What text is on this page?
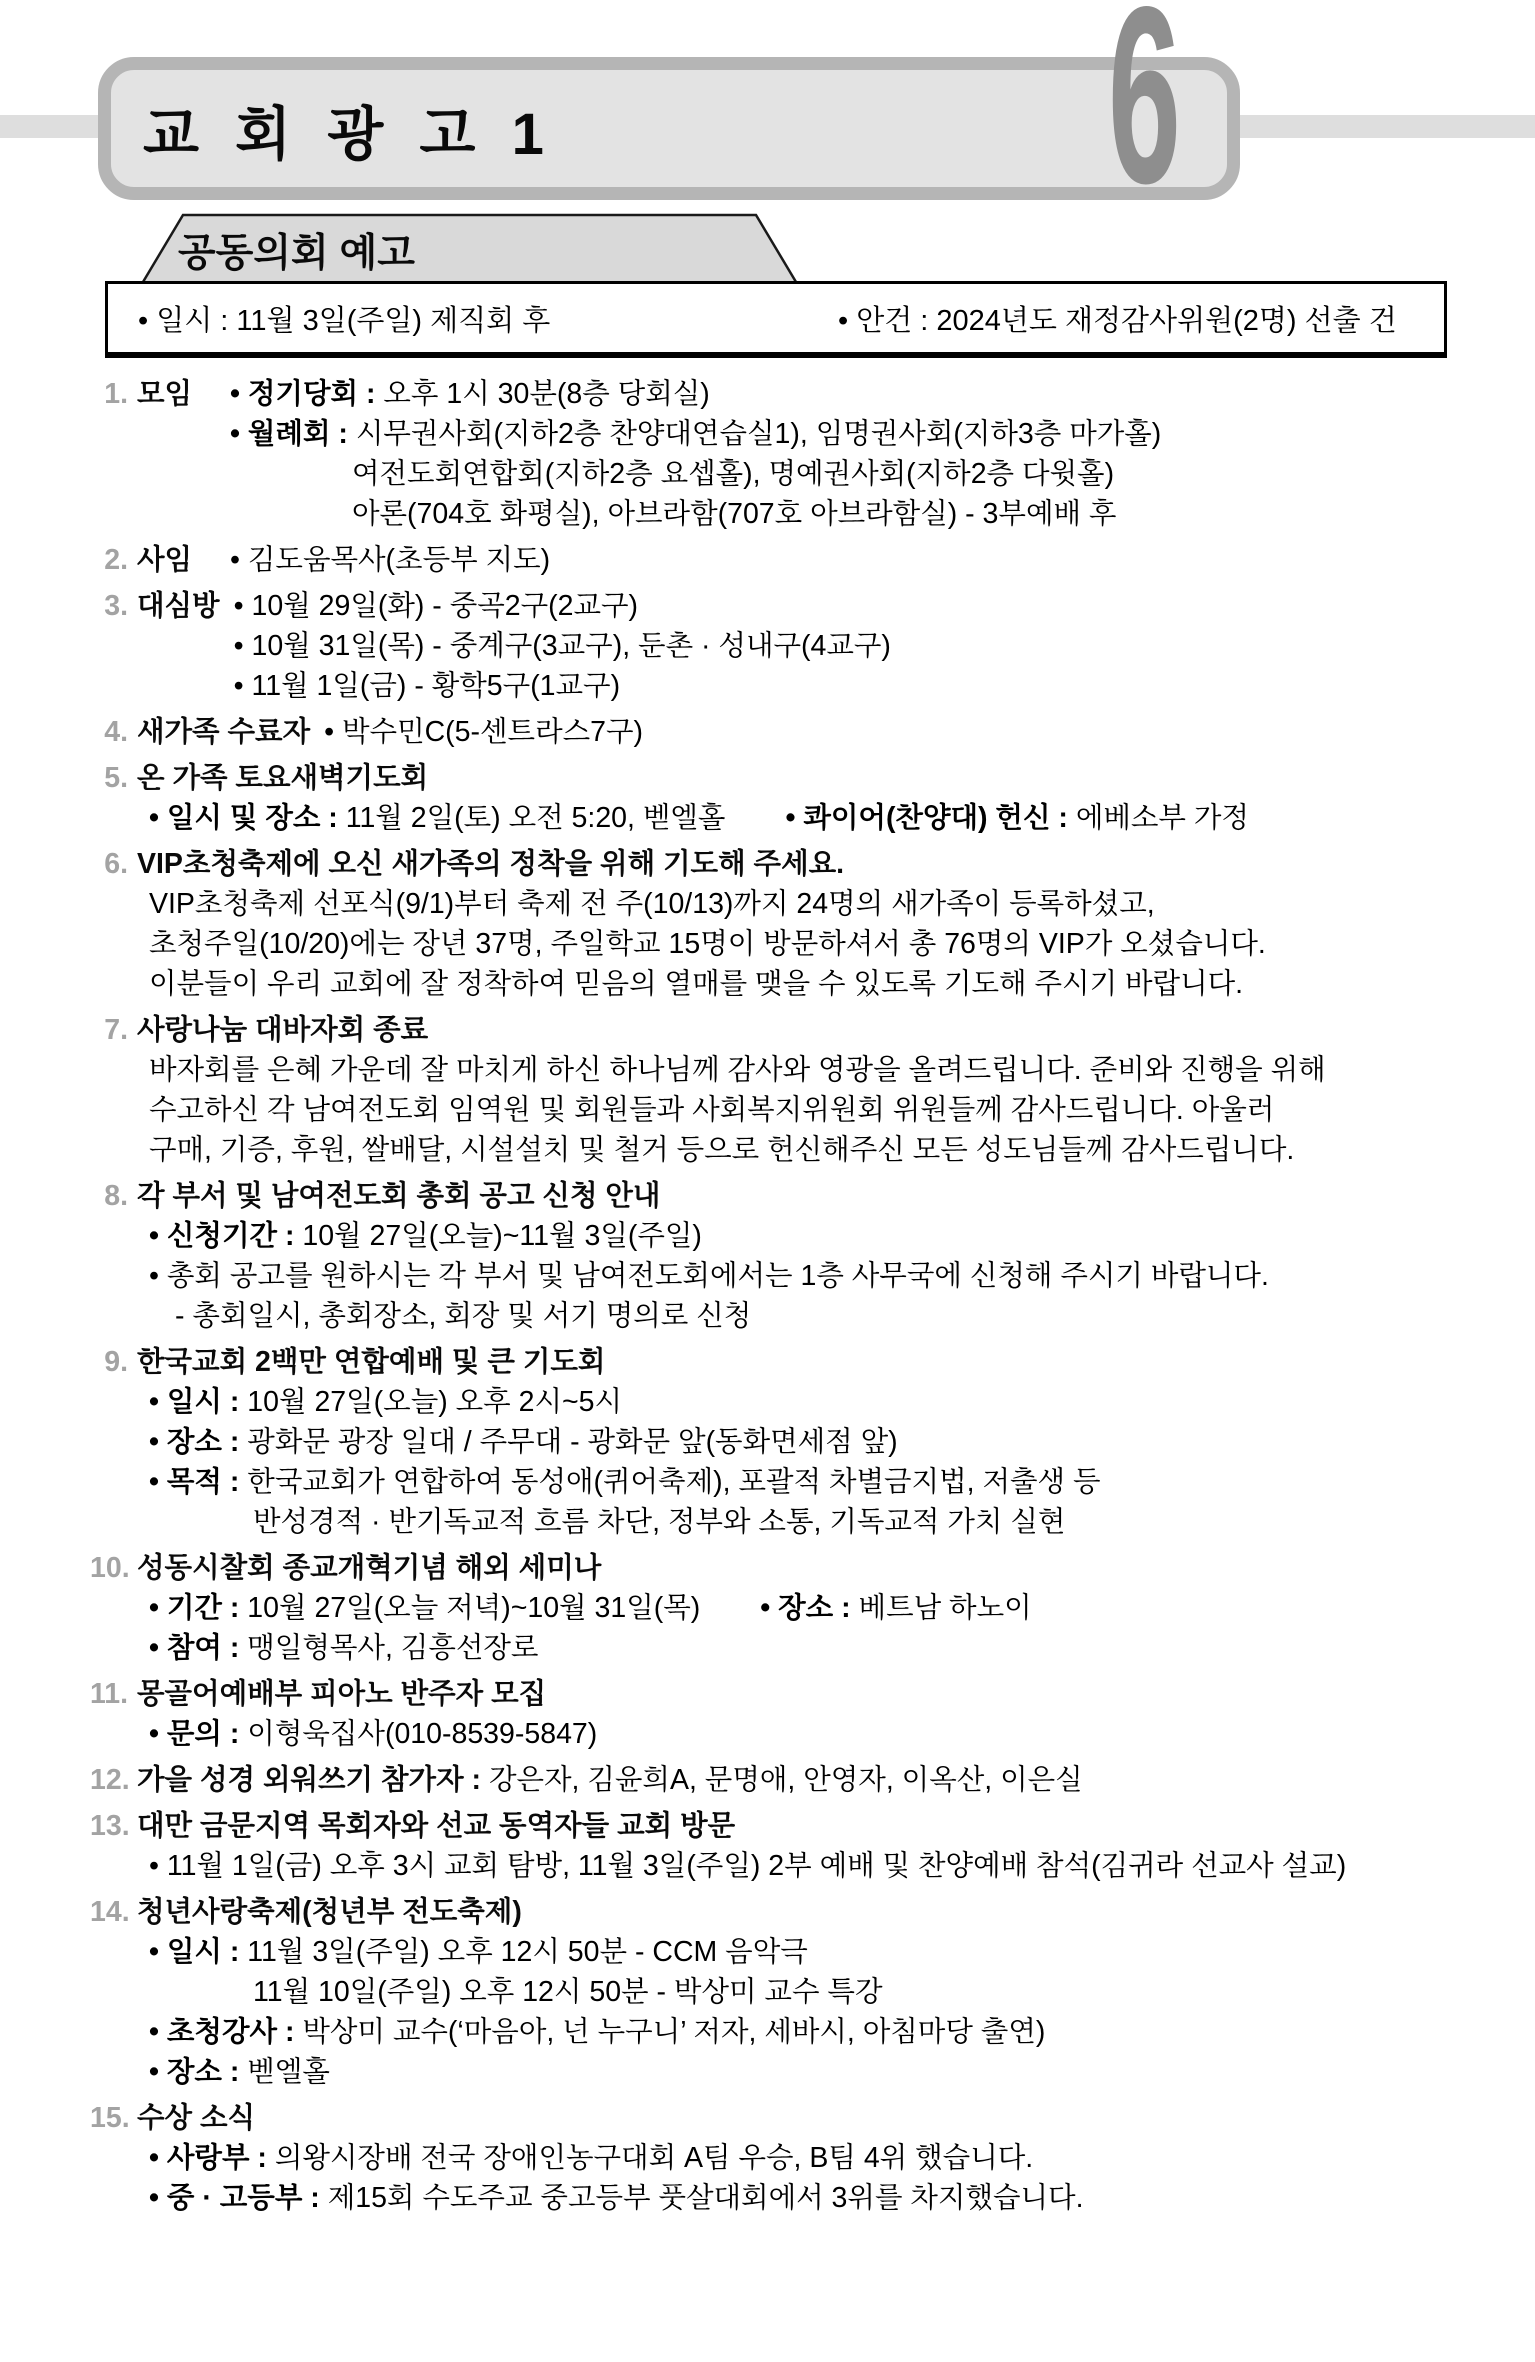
교 회 광 고 1 6
공동의회 예고
• 일시 : 11월 3일(주일) 제직회 후	• 안건 : 2024년도 재정감사위원(2명) 선출 건
1. 모임	• 정기당회 : 오후 1시 30분(8층 당회실)
• 월례회 : 시무권사회(지하2층 찬양대연습실1), 임명권사회(지하3층 마가홀)
여전도회연합회(지하2층 요셉홀), 명예권사회(지하2층 다윗홀)
아론(704호 화평실), 아브라함(707호 아브라함실) - 3부예배 후
2. 사임	• 김도움목사(초등부 지도)
3. 대심방 • 10월 29일(화) - 중곡2구(2교구)
• 10월 31일(목) - 중계구(3교구), 둔촌 · 성내구(4교구)
• 11월 1일(금) - 황학5구(1교구)
4. 새가족 수료자 • 박수민C(5-센트라스7구)
5. 온 가족 토요새벽기도회
• 일시 및 장소 : 11월 2일(토) 오전 5:20, 벧엘홀 • 콰이어(찬양대) 헌신 : 에베소부 가정
6. VIP초청축제에 오신 새가족의 정착을 위해 기도해 주세요.
VIP초청축제 선포식(9/1)부터 축제 전 주(10/13)까지 24명의 새가족이 등록하셨고,
초청주일(10/20)에는 장년 37명, 주일학교 15명이 방문하셔서 총 76명의 VIP가 오셨습니다.
이분들이 우리 교회에 잘 정착하여 믿음의 열매를 맺을 수 있도록 기도해 주시기 바랍니다.
7. 사랑나눔 대바자회 종료
바자회를 은혜 가운데 잘 마치게 하신 하나님께 감사와 영광을 올려드립니다. 준비와 진행을 위해
수고하신 각 남여전도회 임역원 및 회원들과 사회복지위원회 위원들께 감사드립니다. 아울러
구매, 기증, 후원, 쌀배달, 시설설치 및 철거 등으로 헌신해주신 모든 성도님들께 감사드립니다.
8. 각 부서 및 남여전도회 총회 공고 신청 안내
• 신청기간 : 10월 27일(오늘)~11월 3일(주일)
• 총회 공고를 원하시는 각 부서 및 남여전도회에서는 1층 사무국에 신청해 주시기 바랍니다.
- 총회일시, 총회장소, 회장 및 서기 명의로 신청
9. 한국교회 2백만 연합예배 및 큰 기도회
• 일시 : 10월 27일(오늘) 오후 2시~5시
• 장소 : 광화문 광장 일대 / 주무대 - 광화문 앞(동화면세점 앞)
• 목적 : 한국교회가 연합하여 동성애(퀴어축제), 포괄적 차별금지법, 저출생 등
반성경적 · 반기독교적 흐름 차단, 정부와 소통, 기독교적 가치 실현
10. 성동시찰회 종교개혁기념 해외 세미나
• 기간 : 10월 27일(오늘 저녁)~10월 31일(목) • 장소 : 베트남 하노이
• 참여 : 맹일형목사, 김흥선장로
11. 몽골어예배부 피아노 반주자 모집
• 문의 : 이형욱집사(010-8539-5847)
12. 가을 성경 외워쓰기 참가자 : 강은자, 김윤희A, 문명애, 안영자, 이옥산, 이은실
13. 대만 금문지역 목회자와 선교 동역자들 교회 방문
• 11월 1일(금) 오후 3시 교회 탐방, 11월 3일(주일) 2부 예배 및 찬양예배 참석(김귀라 선교사 설교)
14. 청년사랑축제(청년부 전도축제)
• 일시 : 11월 3일(주일) 오후 12시 50분 - CCM 음악극
11월 10일(주일) 오후 12시 50분 - 박상미 교수 특강
• 초청강사 : 박상미 교수(‘마음아, 넌 누구니’ 저자, 세바시, 아침마당 출연)
• 장소 : 벧엘홀
15. 수상 소식
• 사랑부 : 의왕시장배 전국 장애인농구대회 A팀 우승, B팀 4위 했습니다.
• 중 · 고등부 : 제15회 수도주교 중고등부 풋살대회에서 3위를 차지했습니다.
